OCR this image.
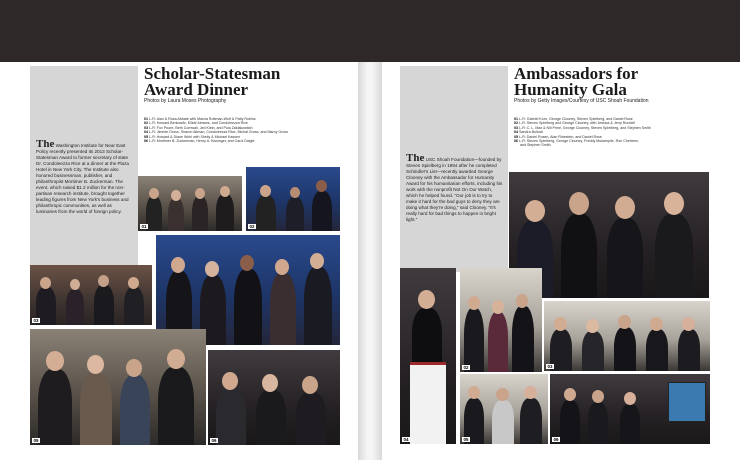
Scholar-Statesman
Award Dinner
Photos by Laura Moses Photography
01 L-R: Alan & Rosa Abbate with Marcia Rottman-Wolf & Patty Rubins
02 L-R: Howard Berkowitz, Elliott Abrams, and Condoleezza Rice
03 L-R: Fox Poore, Beth Cornwall, Jed Klein, and Pula Zaklakowitch
04 L-R: Jimmie Gross, Sharon Altman, Condoleezza Rice, Michal Gross, and Marny Gross
05 L-R: Howard & Diane Wohl with Shelly & Michael Kassen
06 L-R: Mortimer B. Zuckerman, Henry A. Kissinger, and Carol Daigle
The Washington Institute for Near East Policy recently presented its 2013 Scholar-Statesman Award to former secretary of state Dr. Condoleezza Rice at a dinner at the Plaza Hotel in New York City. The Institute also honored businessman, publisher, and philanthropist Mortimer B. Zuckerman. The event, which raised $1.2 million for the non-partisan research institute, brought together leading figures from New York's business and philanthropic communities, as well as luminaries from the world of foreign policy.
01	02
03
05	06
Ambassadors for
Humanity Gala
Photos by Getty Images/Courtesy of USC Shoah Foundation
01 L-R: Gabriel Korn, George Clooney, Steven Spielberg, and Daniel Rose
02 L-R: Steven Spielberg and George Clooney, with Jessica & Jerry Rundell
03 L-R: C. L. Max & Nili Prine, George Clooney, Steven Spielberg, and Stephen Smith
04 Sandra Bullock
05 L-R: Daniel Rosen, Alan Rinestein, and Daniel Rose
06 L-R: Steven Spielberg, George Clooney, Freddy Mukampile, Ron Chetrees,
and Stephen Smith
The USC Shoah Foundation—founded by Steven Spielberg in 1994 after he completed Schindler's List—recently awarded George Clooney with the Ambassador for Humanity Award for his humanitarian efforts, including his work with the nonprofit Not On Our Watch, which he helped found. “Our job is to try to make it hard for the bad guys to deny they are doing what they're doing,” said Clooney. “It's really hard for bad things to happen in bright light.”
02	03
04	05	06
